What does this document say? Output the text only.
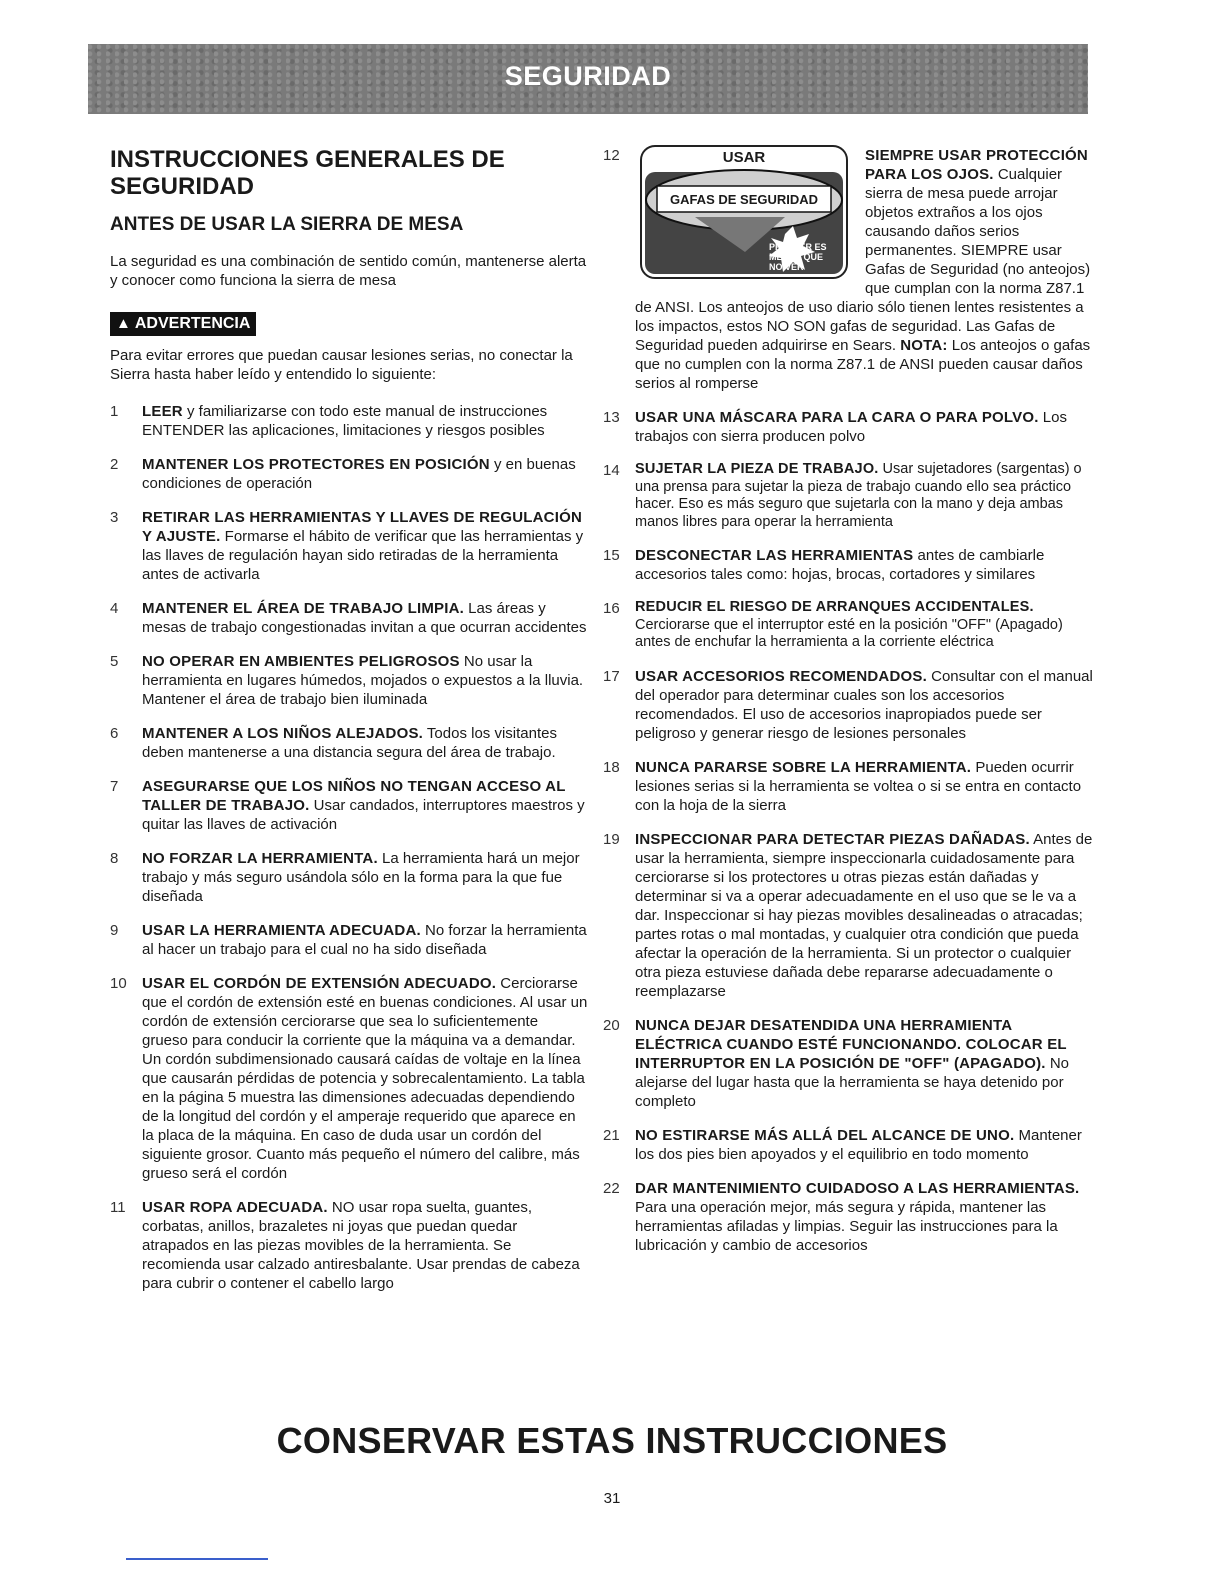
SEGURIDAD
INSTRUCCIONES GENERALES DE SEGURIDAD
ANTES DE USAR LA SIERRA DE MESA
La seguridad es una combinación de sentido común, mantenerse alerta y conocer como funciona la sierra de mesa
▲ ADVERTENCIA
Para evitar errores que puedan causar lesiones serias, no conectar la Sierra hasta haber leído y entendido lo siguiente:
1	LEER y familiarizarse con todo este manual de instrucciones ENTENDER las aplicaciones, limitaciones y riesgos posibles
2	MANTENER LOS PROTECTORES EN POSICIÓN y en buenas condiciones de operación
3	RETIRAR LAS HERRAMIENTAS Y LLAVES DE REGULACIÓN Y AJUSTE. Formarse el hábito de verificar que las herramientas y las llaves de regulación hayan sido retiradas de la herramienta antes de activarla
4	MANTENER EL ÁREA DE TRABAJO LIMPIA. Las áreas y mesas de trabajo congestionadas invitan a que ocurran accidentes
5	NO OPERAR EN AMBIENTES PELIGROSOS No usar la herramienta en lugares húmedos, mojados o expuestos a la lluvia. Mantener el área de trabajo bien iluminada
6	MANTENER A LOS NIÑOS ALEJADOS. Todos los visitantes deben mantenerse a una distancia segura del área de trabajo.
7	ASEGURARSE QUE LOS NIÑOS NO TENGAN ACCESO AL TALLER DE TRABAJO. Usar candados, interruptores maestros y quitar las llaves de activación
8	NO FORZAR LA HERRAMIENTA. La herramienta hará un mejor trabajo y más seguro usándola sólo en la forma para la que fue diseñada
9	USAR LA HERRAMIENTA ADECUADA. No forzar la herramienta al hacer un trabajo para el cual no ha sido diseñada
10	USAR EL CORDÓN DE EXTENSIÓN ADECUADO. Cerciorarse que el cordón de extensión esté en buenas condiciones. Al usar un cordón de extensión cerciorarse que sea lo suficientemente grueso para conducir la corriente que la máquina va a demandar. Un cordón subdimensionado causará caídas de voltaje en la línea que causarán pérdidas de potencia y sobrecalentamiento. La tabla en la página 5 muestra las dimensiones adecuadas dependiendo de la longitud del cordón y el amperaje requerido que aparece en la placa de la máquina. En caso de duda usar un cordón del siguiente grosor. Cuanto más pequeño el número del calibre, más grueso será el cordón
11	USAR ROPA ADECUADA. NO usar ropa suelta, guantes, corbatas, anillos, brazaletes ni joyas que puedan quedar atrapados en las piezas movibles de la herramienta. Se recomienda usar calzado antiresbalante. Usar prendas de cabeza para cubrir o contener el cabello largo
12	USAR
GAFAS DE SEGURIDAD
PREVEER ES
MEJOR QUE
NO VER
SIEMPRE USAR PROTECCIÓN PARA LOS OJOS. Cualquier sierra de mesa puede arrojar objetos extraños a los ojos causando daños serios permanentes. SIEMPRE usar Gafas de Seguridad (no anteojos) que cumplan con la norma Z87.1 de ANSI. Los anteojos de uso diario sólo tienen lentes resistentes a los impactos, estos NO SON gafas de seguridad. Las Gafas de Seguridad pueden adquirirse en Sears. NOTA: Los anteojos o gafas que no cumplen con la norma Z87.1 de ANSI pueden causar daños serios al romperse
13	USAR UNA MÁSCARA PARA LA CARA O PARA POLVO. Los trabajos con sierra producen polvo
14	SUJETAR LA PIEZA DE TRABAJO. Usar sujetadores (sargentas) o una prensa para sujetar la pieza de trabajo cuando ello sea práctico hacer. Eso es más seguro que sujetarla con la mano y deja ambas manos libres para operar la herramienta
15	DESCONECTAR LAS HERRAMIENTAS antes de cambiarle accesorios tales como: hojas, brocas, cortadores y similares
16	REDUCIR EL RIESGO DE ARRANQUES ACCIDENTALES. Cerciorarse que el interruptor esté en la posición "OFF" (Apagado) antes de enchufar la herramienta a la corriente eléctrica
17	USAR ACCESORIOS RECOMENDADOS. Consultar con el manual del operador para determinar cuales son los accesorios recomendados. El uso de accesorios inapropiados puede ser peligroso y generar riesgo de lesiones personales
18	NUNCA PARARSE SOBRE LA HERRAMIENTA. Pueden ocurrir lesiones serias si la herramienta se voltea o si se entra en contacto con la hoja de la sierra
19	INSPECCIONAR PARA DETECTAR PIEZAS DAÑADAS. Antes de usar la herramienta, siempre inspeccionarla cuidadosamente para cerciorarse si los protectores u otras piezas están dañadas y determinar si va a operar adecuadamente en el uso que se le va a dar. Inspeccionar si hay piezas movibles desalineadas o atracadas; partes rotas o mal montadas, y cualquier otra condición que pueda afectar la operación de la herramienta. Si un protector o cualquier otra pieza estuviese dañada debe repararse adecuadamente o reemplazarse
20	NUNCA DEJAR DESATENDIDA UNA HERRAMIENTA ELÉCTRICA CUANDO ESTÉ FUNCIONANDO. COLOCAR EL INTERRUPTOR EN LA POSICIÓN DE "OFF" (APAGADO). No alejarse del lugar hasta que la herramienta se haya detenido por completo
21	NO ESTIRARSE MÁS ALLÁ DEL ALCANCE DE UNO. Mantener los dos pies bien apoyados y el equilibrio en todo momento
22	DAR MANTENIMIENTO CUIDADOSO A LAS HERRAMIENTAS. Para una operación mejor, más segura y rápida, mantener las herramientas afiladas y limpias. Seguir las instrucciones para la lubricación y cambio de accesorios
CONSERVAR ESTAS INSTRUCCIONES
31
